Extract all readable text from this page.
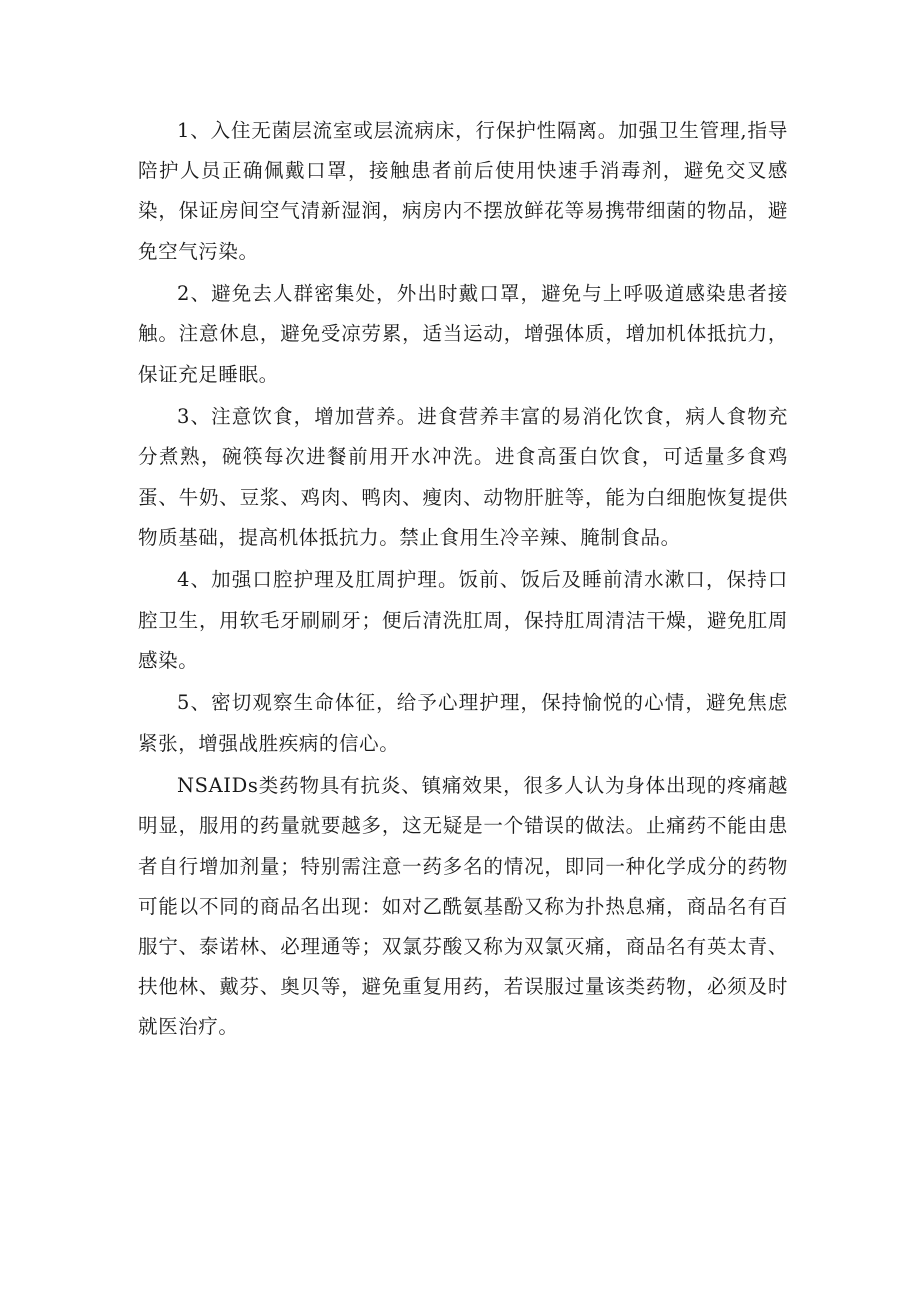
1、入住无菌层流室或层流病床，行保护性隔离。加强卫生管理,指导陪护人员正确佩戴口罩，接触患者前后使用快速手消毒剂，避免交叉感染，保证房间空气清新湿润，病房内不摆放鲜花等易携带细菌的物品，避免空气污染。

2、避免去人群密集处，外出时戴口罩，避免与上呼吸道感染患者接触。注意休息，避免受凉劳累，适当运动，增强体质，增加机体抵抗力，保证充足睡眠。

3、注意饮食，增加营养。进食营养丰富的易消化饮食，病人食物充分煮熟，碗筷每次进餐前用开水冲洗。进食高蛋白饮食，可适量多食鸡蛋、牛奶、豆浆、鸡肉、鸭肉、瘦肉、动物肝脏等，能为白细胞恢复提供物质基础，提高机体抵抗力。禁止食用生冷辛辣、腌制食品。

4、加强口腔护理及肛周护理。饭前、饭后及睡前清水漱口，保持口腔卫生，用软毛牙刷刷牙；便后清洗肛周，保持肛周清洁干燥，避免肛周感染。

5、密切观察生命体征，给予心理护理，保持愉悦的心情，避免焦虑紧张，增强战胜疾病的信心。

NSAIDs类药物具有抗炎、镇痛效果，很多人认为身体出现的疼痛越明显，服用的药量就要越多，这无疑是一个错误的做法。止痛药不能由患者自行增加剂量；特别需注意一药多名的情况，即同一种化学成分的药物可能以不同的商品名出现：如对乙酰氨基酚又称为扑热息痛，商品名有百服宁、泰诺林、必理通等；双氯芬酸又称为双氯灭痛，商品名有英太青、扶他林、戴芬、奥贝等，避免重复用药，若误服过量该类药物，必须及时就医治疗。
